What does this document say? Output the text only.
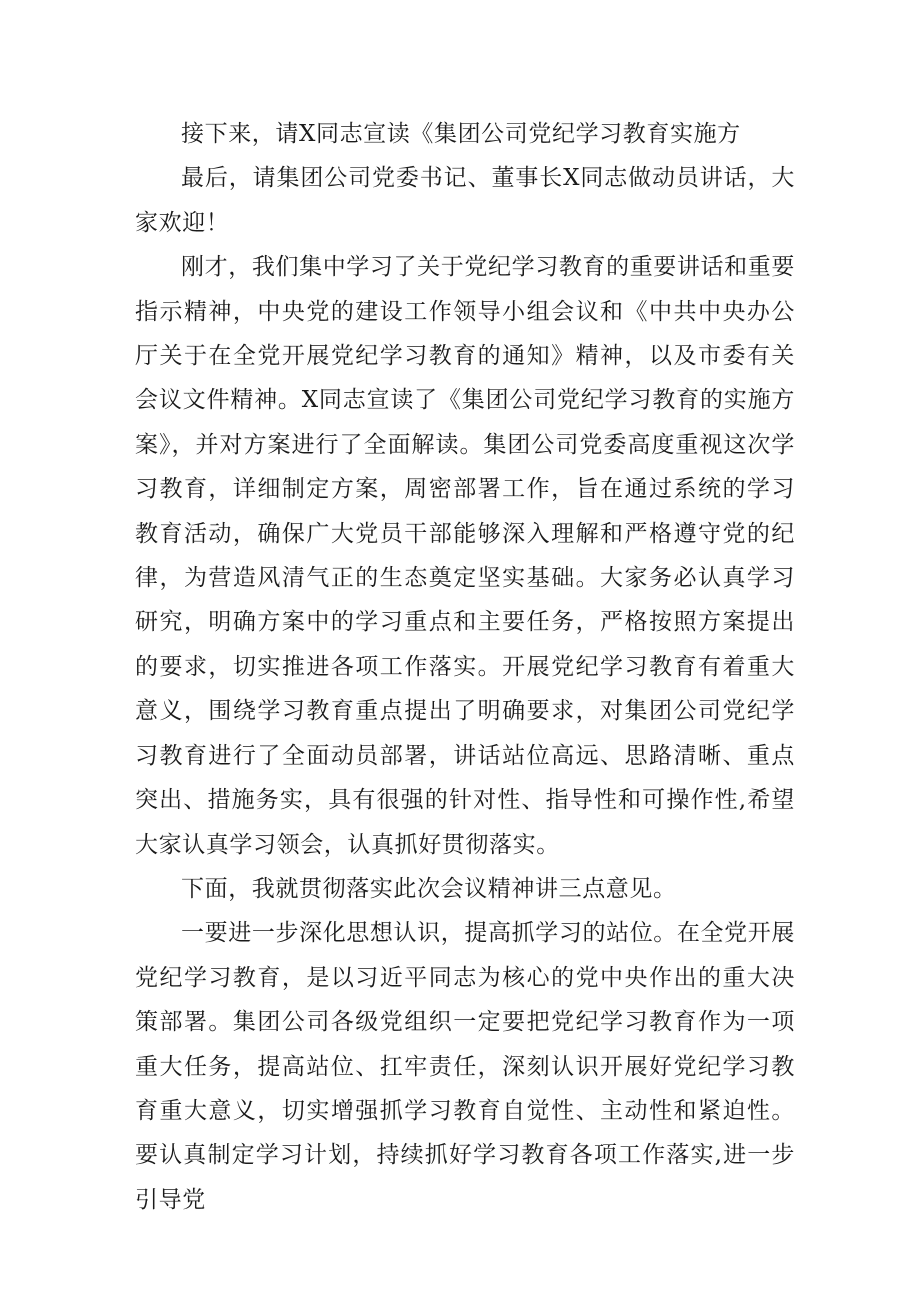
接下来，请X同志宣读《集团公司党纪学习教育实施方

最后，请集团公司党委书记、董事长X同志做动员讲话，大家欢迎！

刚才，我们集中学习了关于党纪学习教育的重要讲话和重要指示精神，中央党的建设工作领导小组会议和《中共中央办公厅关于在全党开展党纪学习教育的通知》精神，以及市委有关会议文件精神。X同志宣读了《集团公司党纪学习教育的实施方案》，并对方案进行了全面解读。集团公司党委高度重视这次学习教育，详细制定方案，周密部署工作，旨在通过系统的学习教育活动，确保广大党员干部能够深入理解和严格遵守党的纪律，为营造风清气正的生态奠定坚实基础。大家务必认真学习研究，明确方案中的学习重点和主要任务，严格按照方案提出的要求，切实推进各项工作落实。开展党纪学习教育有着重大意义，围绕学习教育重点提出了明确要求，对集团公司党纪学习教育进行了全面动员部署，讲话站位高远、思路清晰、重点突出、措施务实，具有很强的针对性、指导性和可操作性,希望大家认真学习领会，认真抓好贯彻落实。

下面，我就贯彻落实此次会议精神讲三点意见。

一要进一步深化思想认识，提高抓学习的站位。在全党开展党纪学习教育，是以习近平同志为核心的党中央作出的重大决策部署。集团公司各级党组织一定要把党纪学习教育作为一项重大任务，提高站位、扛牢责任，深刻认识开展好党纪学习教育重大意义，切实增强抓学习教育自觉性、主动性和紧迫性。要认真制定学习计划，持续抓好学习教育各项工作落实,进一步引导党
